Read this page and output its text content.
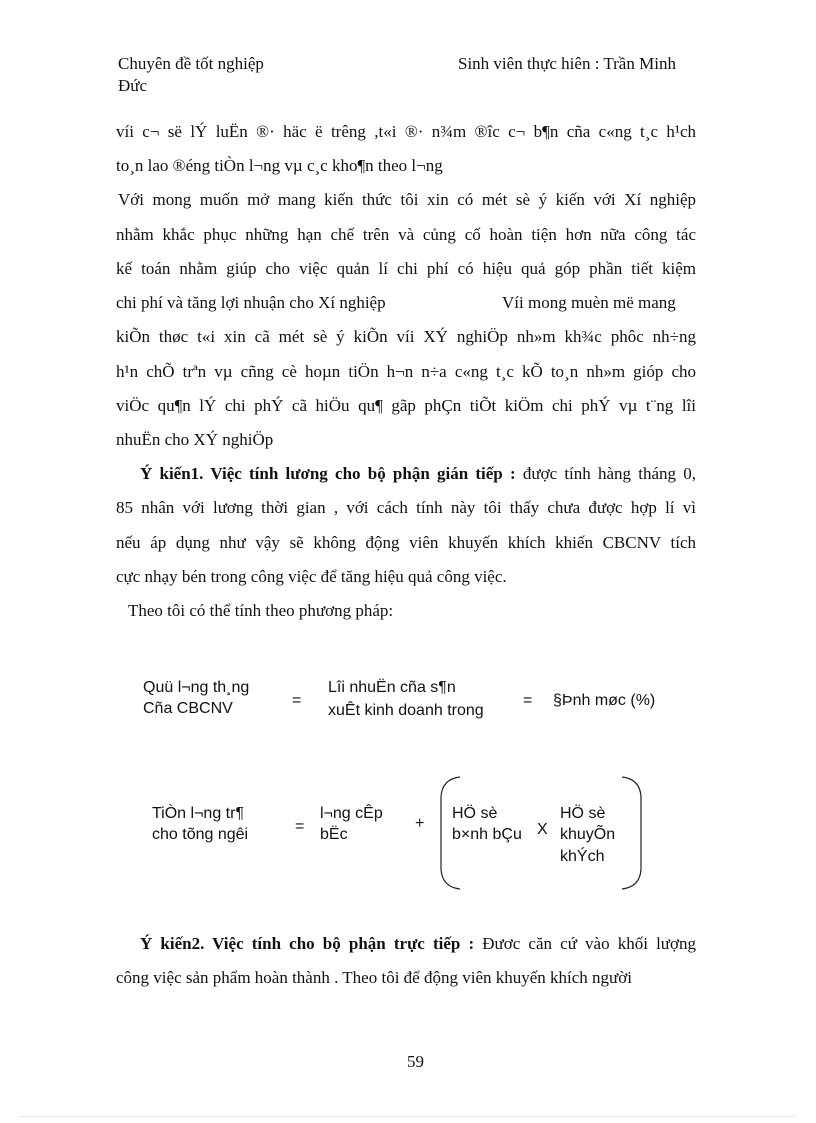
Chuyên đề tốt nghiệp
Đức
Sinh viên thực hiên : Trần Minh
víi c¬ së lÝ luËn ®· häc ë trêng ,t«i ®· n¾m ®îc c¬ b¶n cña c«ng t¸c h¹ch
to¸n lao ®éng tiÒn l¬ng vµ c¸c kho¶n theo l¬ng
Với mong muốn mở mang kiến thức tôi xin có mét sè ý kiến với Xí nghiệp
nhằm khắc phục những hạn chế trên và củng cố hoàn tiện hơn nữa công tác
kế toán nhằm giúp cho việc quản lí chi phí có hiệu quả góp phần tiết kiệm
chi phí và tăng lợi nhuận cho Xí nghiệp	Víi mong muèn më mang
kiÕn thøc t«i xin cã mét sè ý kiÕn víi XÝ nghiÖp nh»m kh¾c phôc nh÷ng
h¹n chÕ trªn vµ cñng cè hoµn tiÖn h¬n n÷a c«ng t¸c kÕ to¸n nh»m gióp cho
viÖc qu¶n lÝ chi phÝ cã hiÖu qu¶ gãp phÇn tiÕt kiÖm chi phÝ vµ t¨ng lîi
nhuËn cho XÝ nghiÖp
Ý kiến1. Việc tính lương cho bộ phận gián tiếp : được tính hàng tháng 0,
85 nhân với lương thời gian , với cách tính này tôi thấy chưa được hợp lí vì
nếu áp dụng như vậy sẽ không động viên khuyến khích khiến CBCNV tích
cực nhạy bén trong công việc để tăng hiệu quả công việc.
Theo tôi có thể tính theo phương pháp:
Quü l¬ng th¸ng
Cña CBCNV	=
Lîi nhuËn cña s¶n
xuÊt kinh doanh trong
= §Þnh møc (%)
TiÒn l¬ng tr¶
cho tõng ngêi	=
l¬ng cÊp
bËc
+
HÖ sè
b×nh bÇu X
HÖ sè
khuyÕn
khÝch
Ý kiến2. Việc tính cho bộ phận trực tiếp : Đươc căn cứ vào khối lượng
công việc sản phẩm hoàn thành . Theo tôi để động viên khuyến khích người
59
